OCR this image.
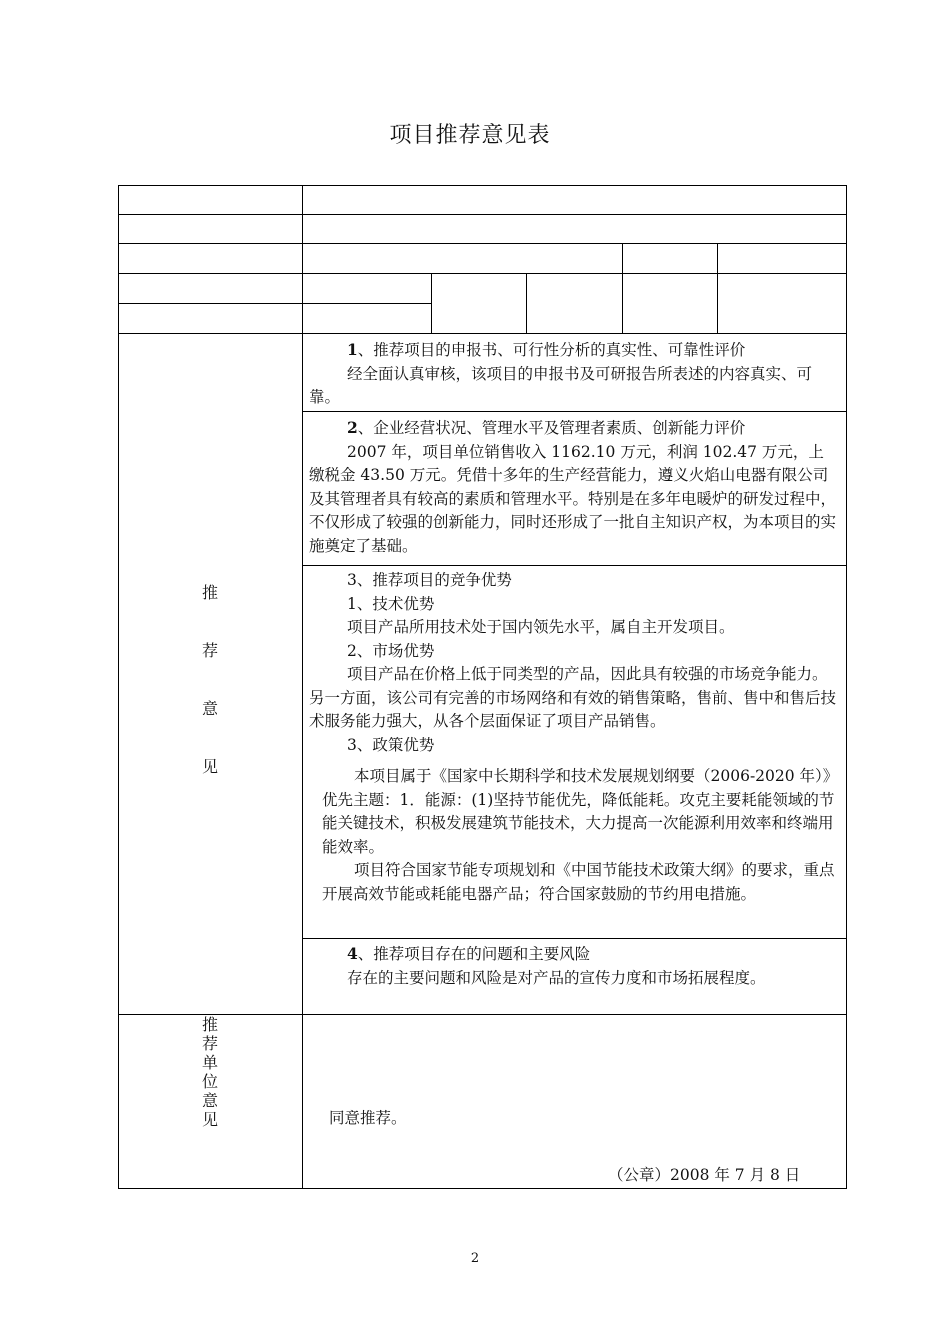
项目推荐意见表
推
荐
意
见
推
荐
单
位
意
见

1、推荐项目的申报书、可行性分析的真实性、可靠性评价

经全面认真审核，该项目的申报书及可研报告所表述的内容真实、可靠。

2、企业经营状况、管理水平及管理者素质、创新能力评价

2007 年，项目单位销售收入 1162.10 万元，利润 102.47 万元，上缴税金 43.50 万元。凭借十多年的生产经营能力，遵义火焰山电器有限公司及其管理者具有较高的素质和管理水平。特别是在多年电暖炉的研发过程中，不仅形成了较强的创新能力，同时还形成了一批自主知识产权，为本项目的实施奠定了基础。

3、推荐项目的竞争优势

1、技术优势

项目产品所用技术处于国内领先水平，属自主开发项目。

2、市场优势

项目产品在价格上低于同类型的产品，因此具有较强的市场竞争能力。另一方面，该公司有完善的市场网络和有效的销售策略，售前、售中和售后技术服务能力强大，从各个层面保证了项目产品销售。

3、政策优势

本项目属于《国家中长期科学和技术发展规划纲要（2006-2020 年）》优先主题：1．能源：(1)坚持节能优先，降低能耗。攻克主要耗能领域的节能关键技术，积极发展建筑节能技术，大力提高一次能源利用效率和终端用能效率。

项目符合国家节能专项规划和《中国节能技术政策大纲》的要求，重点开展高效节能或耗能电器产品；符合国家鼓励的节约用电措施。

4、推荐项目存在的问题和主要风险

存在的主要问题和风险是对产品的宣传力度和市场拓展程度。

同意推荐。
（公章）2008 年 7 月 8 日
2
